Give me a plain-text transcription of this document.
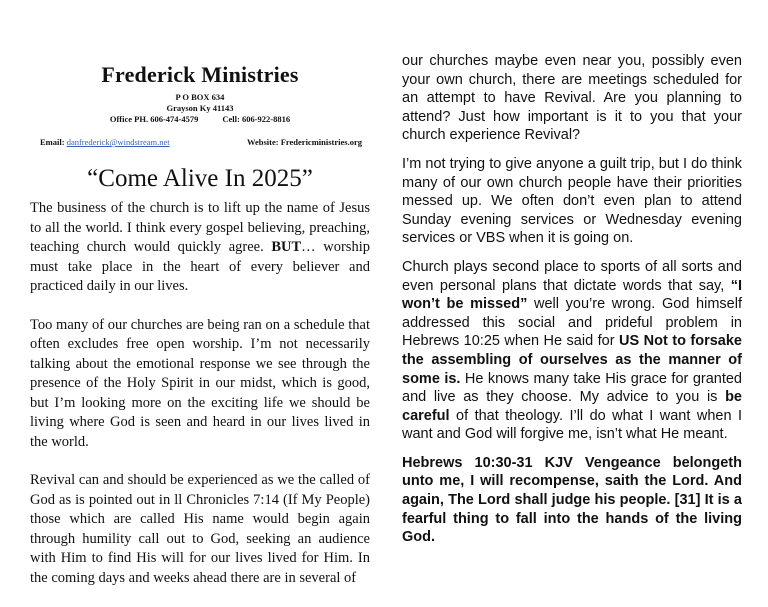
Frederick Ministries
P O BOX 634
Grayson Ky 41143
Office PH. 606-474-4579	Cell: 606-922-8816
Email: danfrederick@windstream.net	Website: Fredericministries.org
“Come Alive In 2025”

The business of the church is to lift up the name of Jesus to all the world. I think every gospel believing, preaching, teaching church would quickly agree. BUT… worship must take place in the heart of every believer and practiced daily in our lives.

Too many of our churches are being ran on a schedule that often excludes free open worship. I’m not necessarily talking about the emotional response we see through the presence of the Holy Spirit in our midst, which is good, but I’m looking more on the exciting life we should be living where God is seen and heard in our lives lived in the world.

Revival can and should be experienced as we the called of God as is pointed out in ll Chronicles 7:14 (If My People) those which are called His name would begin again through humility call out to God, seeking an audience with Him to find His will for our lives lived for Him. In the coming days and weeks ahead there are in several of

our churches maybe even near you, possibly even your own church, there are meetings scheduled for an attempt to have Revival. Are you planning to attend? Just how important is it to you that your church experience Revival?

I’m not trying to give anyone a guilt trip, but I do think many of our own church people have their priorities messed up. We often don’t even plan to attend Sunday evening services or Wednesday evening services or VBS when it is going on.

Church plays second place to sports of all sorts and even personal plans that dictate words that say, “I won’t be missed” well you’re wrong. God himself addressed this social and prideful problem in Hebrews 10:25 when He said for US Not to forsake the assembling of ourselves as the manner of some is. He knows many take His grace for granted and live as they choose. My advice to you is be careful of that theology. I’ll do what I want when I want and God will forgive me, isn’t what He meant.

Hebrews 10:30-31 KJV Vengeance belongeth unto me, I will recompense, saith the Lord. And again, The Lord shall judge his people. [31] It is a fearful thing to fall into the hands of the living God.
